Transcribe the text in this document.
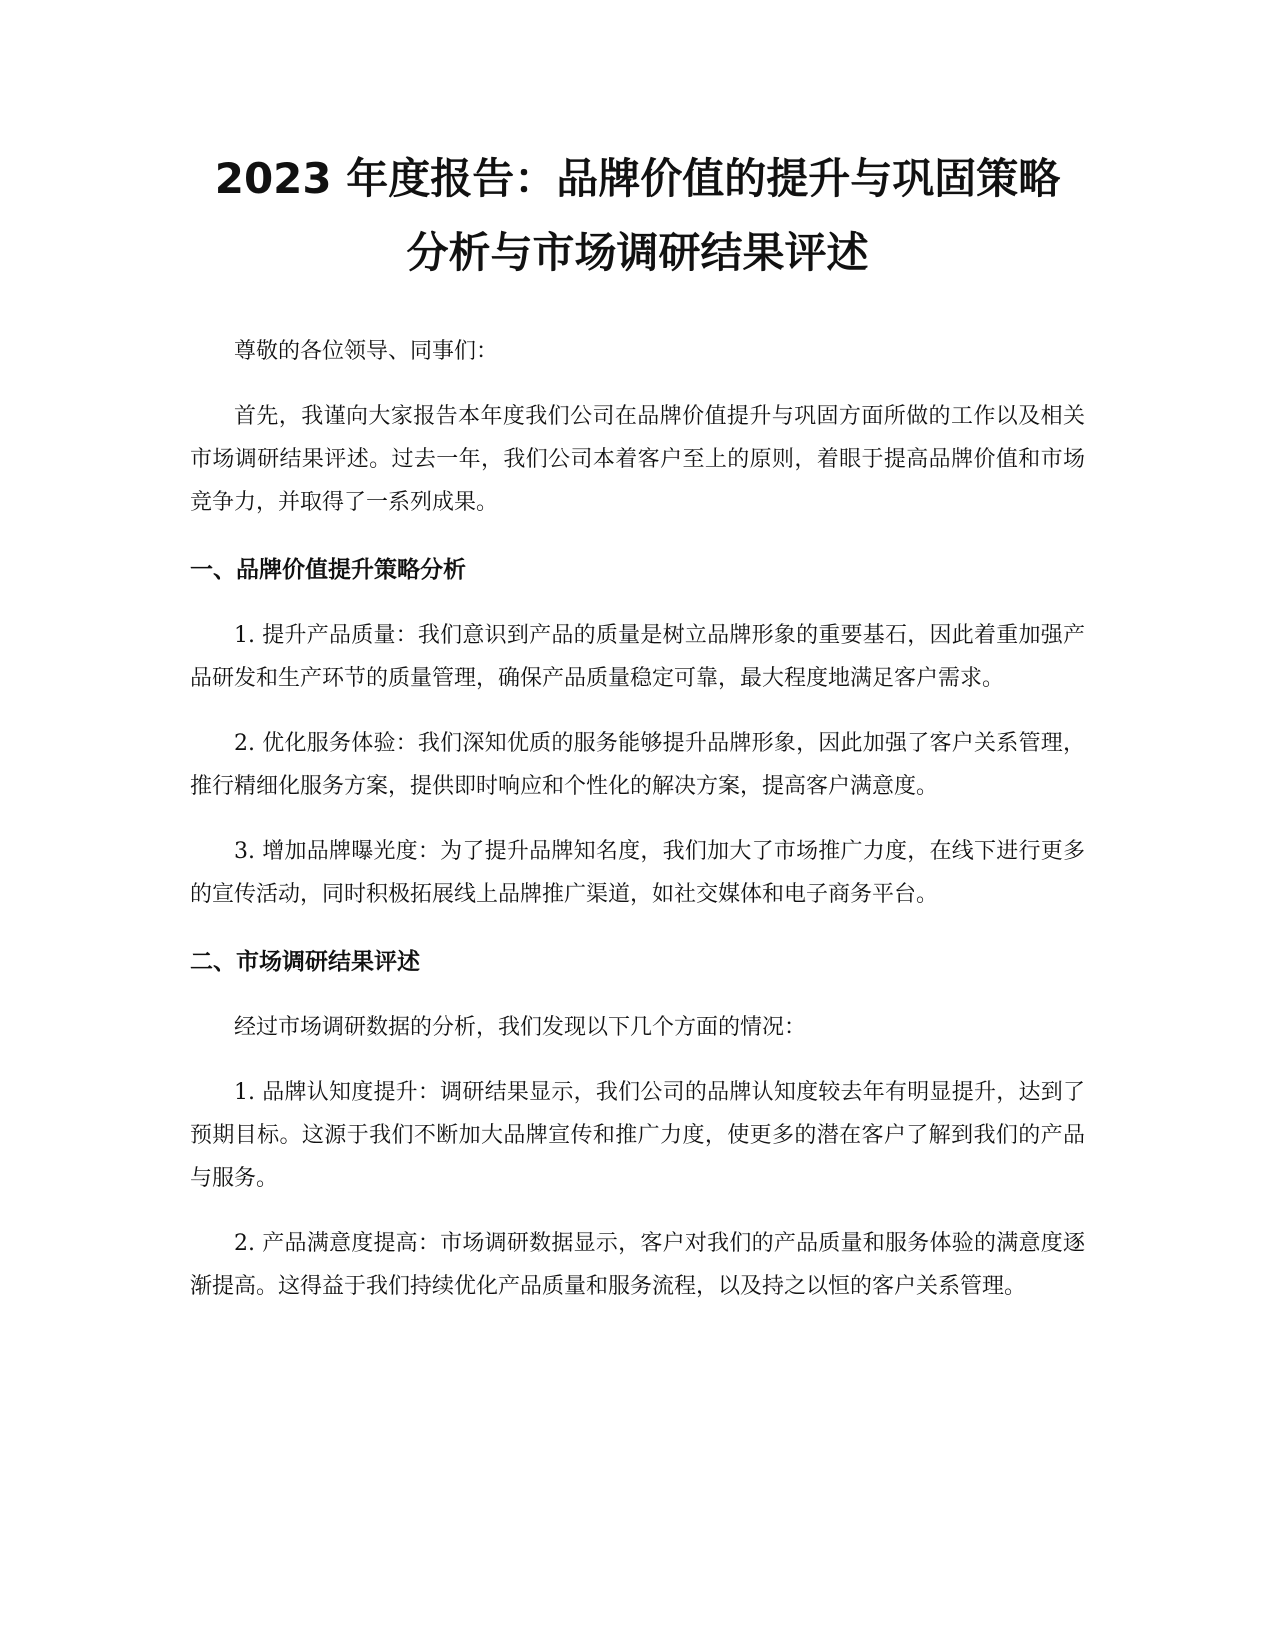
2023 年度报告：品牌价值的提升与巩固策略
分析与市场调研结果评述

尊敬的各位领导、同事们：

首先，我谨向大家报告本年度我们公司在品牌价值提升与巩固方面所做的工作以及相关市场调研结果评述。过去一年，我们公司本着客户至上的原则，着眼于提高品牌价值和市场竞争力，并取得了一系列成果。

一、品牌价值提升策略分析

1. 提升产品质量：我们意识到产品的质量是树立品牌形象的重要基石，因此着重加强产品研发和生产环节的质量管理，确保产品质量稳定可靠，最大程度地满足客户需求。

2. 优化服务体验：我们深知优质的服务能够提升品牌形象，因此加强了客户关系管理，推行精细化服务方案，提供即时响应和个性化的解决方案，提高客户满意度。

3. 增加品牌曝光度：为了提升品牌知名度，我们加大了市场推广力度，在线下进行更多的宣传活动，同时积极拓展线上品牌推广渠道，如社交媒体和电子商务平台。

二、市场调研结果评述

经过市场调研数据的分析，我们发现以下几个方面的情况：

1. 品牌认知度提升：调研结果显示，我们公司的品牌认知度较去年有明显提升，达到了预期目标。这源于我们不断加大品牌宣传和推广力度，使更多的潜在客户了解到我们的产品与服务。

2. 产品满意度提高：市场调研数据显示，客户对我们的产品质量和服务体验的满意度逐渐提高。这得益于我们持续优化产品质量和服务流程，以及持之以恒的客户关系管理。
